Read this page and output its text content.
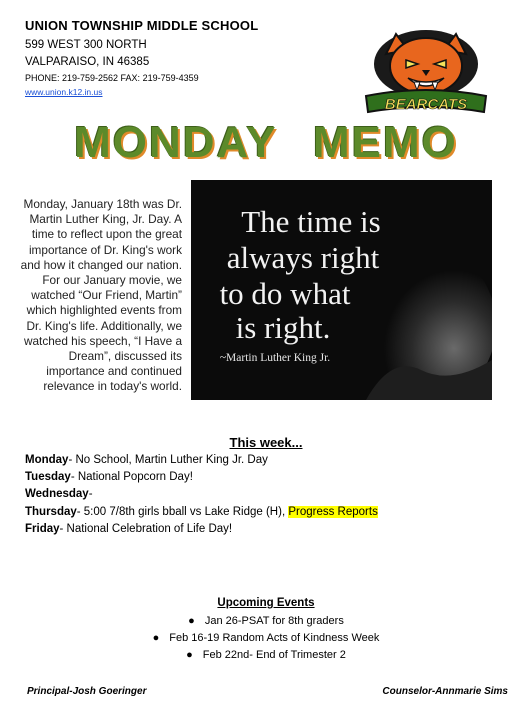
UNION TOWNSHIP MIDDLE SCHOOL
599 WEST 300 NORTH
VALPARAISO, IN 46385
PHONE: 219-759-2562 FAX: 219-759-4359
www.union.k12.in.us
BEARCATS
MONDAY MEMO
Monday, January 18th was Dr. Martin Luther King, Jr. Day. A time to reflect upon the great importance of Dr. King's work and how it changed our nation. For our January movie, we watched “Our Friend, Martin” which highlighted events from Dr. King's life. Additionally, we watched his speech, “I Have a Dream”, discussed its importance and continued relevance in today's world.
The time is
always right
to do what
is right.
~Martin Luther King Jr.
This week...
Monday- No School, Martin Luther King Jr. Day
Tuesday- National Popcorn Day!
Wednesday-
Thursday- 5:00 7/8th girls bball vs Lake Ridge (H), Progress Reports
Friday- National Celebration of Life Day!
Upcoming Events
● Jan 26-PSAT for 8th graders
● Feb 16-19 Random Acts of Kindness Week
● Feb 22nd- End of Trimester 2
Principal-Josh Goeringer	Counselor-Annmarie Sims
